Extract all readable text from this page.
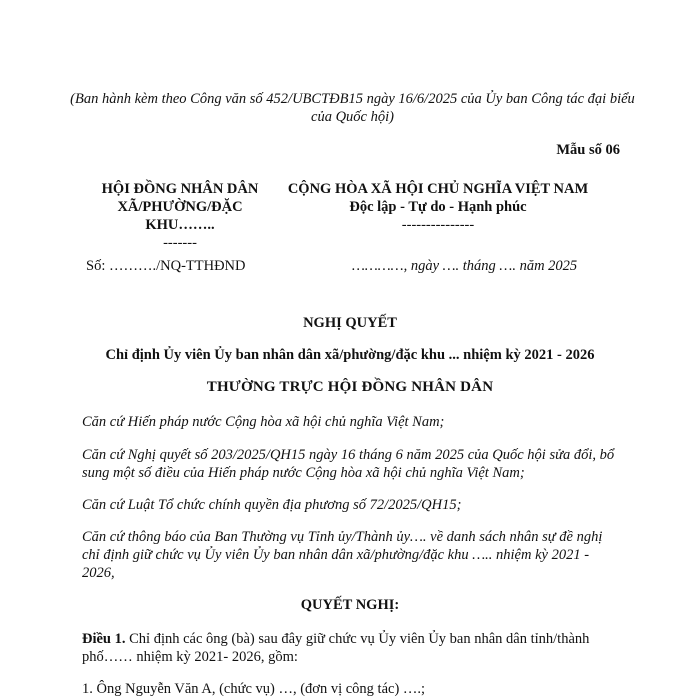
(Ban hành kèm theo Công văn số 452/UBCTĐB15 ngày 16/6/2025 của Ủy ban Công tác đại biểu của Quốc hội)
Mẫu số 06
HỘI ĐỒNG NHÂN DÂN
XÃ/PHƯỜNG/ĐẶC
KHU……..
-------
CỘNG HÒA XÃ HỘI CHỦ NGHĨA VIỆT NAM
Độc lập - Tự do - Hạnh phúc
---------------
Số: ………./NQ-TTHĐND	…………, ngày …. tháng …. năm 2025
NGHỊ QUYẾT
Chỉ định Ủy viên Ủy ban nhân dân xã/phường/đặc khu ... nhiệm kỳ 2021 - 2026
THƯỜNG TRỰC HỘI ĐỒNG NHÂN DÂN
Căn cứ Hiến pháp nước Cộng hòa xã hội chủ nghĩa Việt Nam;
Căn cứ Nghị quyết số 203/2025/QH15 ngày 16 tháng 6 năm 2025 của Quốc hội sửa đổi, bổ sung một số điều của Hiến pháp nước Cộng hòa xã hội chủ nghĩa Việt Nam;
Căn cứ Luật Tổ chức chính quyền địa phương số 72/2025/QH15;
Căn cứ thông báo của Ban Thường vụ Tỉnh ủy/Thành ủy…. về danh sách nhân sự đề nghị chỉ định giữ chức vụ Ủy viên Ủy ban nhân dân xã/phường/đặc khu ….. nhiệm kỳ 2021 - 2026,
QUYẾT NGHỊ:
Điều 1. Chỉ định các ông (bà) sau đây giữ chức vụ Ủy viên Ủy ban nhân dân tỉnh/thành phố…… nhiệm kỳ 2021- 2026, gồm:
1. Ông Nguyễn Văn A, (chức vụ) …, (đơn vị công tác) ….;
